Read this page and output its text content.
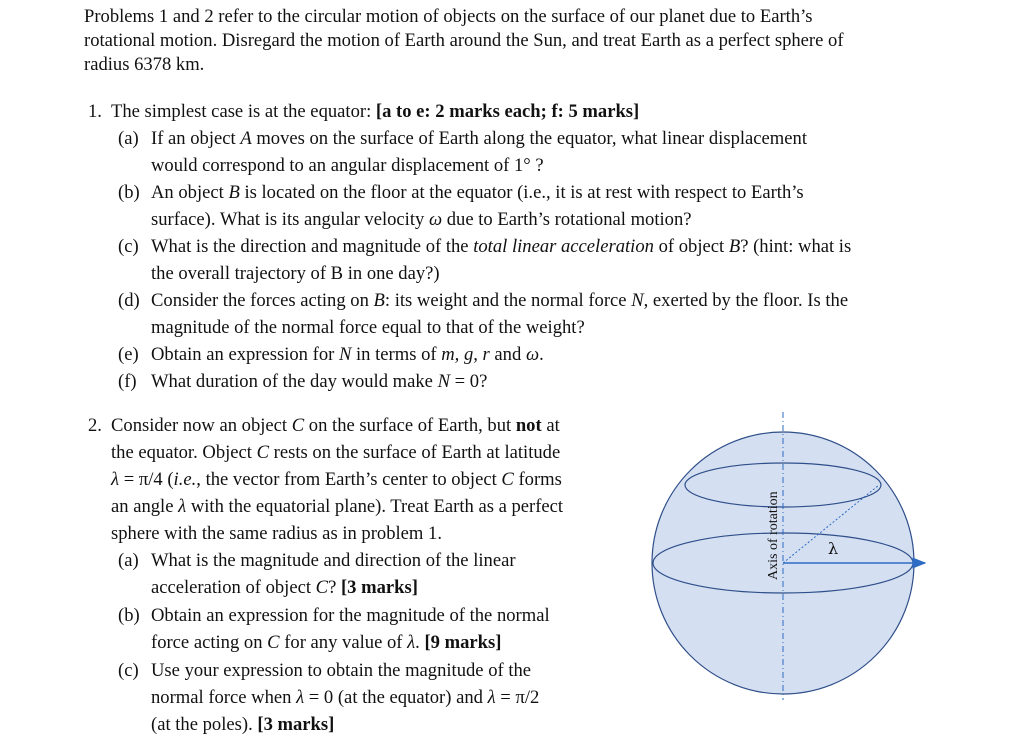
Problems 1 and 2 refer to the circular motion of objects on the surface of our planet due to Earth’s
rotational motion. Disregard the motion of Earth around the Sun, and treat Earth as a perfect sphere of
radius 6378 km.
1. The simplest case is at the equator: [a to e: 2 marks each; f: 5 marks]
(a) If an object A moves on the surface of Earth along the equator, what linear displacement
would correspond to an angular displacement of 1° ?
(b) An object B is located on the floor at the equator (i.e., it is at rest with respect to Earth’s
surface). What is its angular velocity ω due to Earth’s rotational motion?
(c) What is the direction and magnitude of the total linear acceleration of object B? (hint: what is
the overall trajectory of B in one day?)
(d) Consider the forces acting on B: its weight and the normal force N, exerted by the floor. Is the
magnitude of the normal force equal to that of the weight?
(e) Obtain an expression for N in terms of m, g, r and ω.
(f) What duration of the day would make N = 0?
2. Consider now an object C on the surface of Earth, but not at
the equator. Object C rests on the surface of Earth at latitude
λ = π/4 (i.e., the vector from Earth’s center to object C forms
an angle λ with the equatorial plane). Treat Earth as a perfect
sphere with the same radius as in problem 1.
(a) What is the magnitude and direction of the linear
acceleration of object C? [3 marks]
(b) Obtain an expression for the magnitude of the normal
force acting on C for any value of λ. [9 marks]
(c) Use your expression to obtain the magnitude of the
normal force when λ = 0 (at the equator) and λ = π/2
(at the poles). [3 marks]
λ
Axis of rotation
